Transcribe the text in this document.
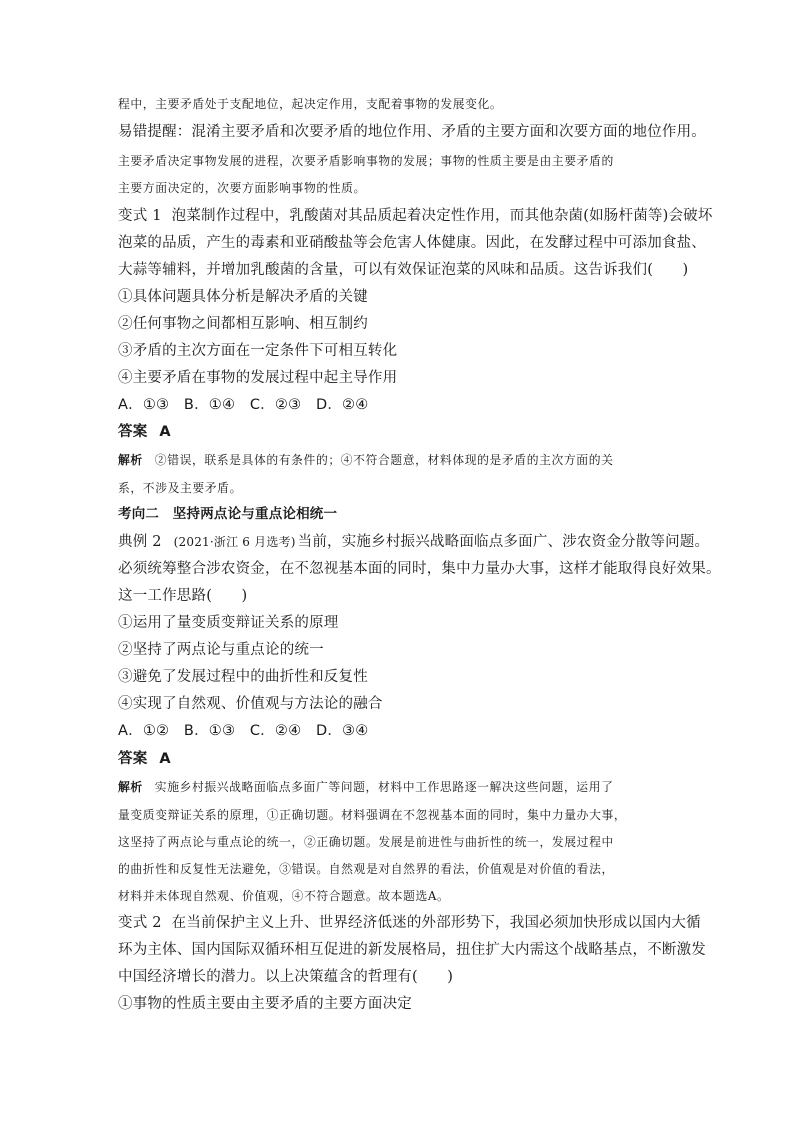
程中，主要矛盾处于支配地位，起决定作用，支配着事物的发展变化。
易错提醒：混淆主要矛盾和次要矛盾的地位作用、矛盾的主要方面和次要方面的地位作用。
主要矛盾决定事物发展的进程，次要矛盾影响事物的发展；事物的性质主要是由主要矛盾的
主要方面决定的，次要方面影响事物的性质。
变式 1 泡菜制作过程中，乳酸菌对其品质起着决定性作用，而其他杂菌(如肠杆菌等)会破坏
泡菜的品质，产生的毒素和亚硝酸盐等会危害人体健康。因此，在发酵过程中可添加食盐、
大蒜等辅料，并增加乳酸菌的含量，可以有效保证泡菜的风味和品质。这告诉我们(　　)
①具体问题具体分析是解决矛盾的关键
②任何事物之间都相互影响、相互制约
③矛盾的主次方面在一定条件下可相互转化
④主要矛盾在事物的发展过程中起主导作用
A．①③　B．①④　C．②③　D．②④
答案 A
解析 ②错误，联系是具体的有条件的；④不符合题意，材料体现的是矛盾的主次方面的关
系，不涉及主要矛盾。
考向二　坚持两点论与重点论相统一
典例 2 (2021·浙江 6 月选考) 当前，实施乡村振兴战略面临点多面广、涉农资金分散等问题。
必须统筹整合涉农资金，在不忽视基本面的同时，集中力量办大事，这样才能取得良好效果。
这一工作思路(　　)
①运用了量变质变辩证关系的原理
②坚持了两点论与重点论的统一
③避免了发展过程中的曲折性和反复性
④实现了自然观、价值观与方法论的融合
A．①②　B．①③　C．②④　D．③④
答案 A
解析 实施乡村振兴战略面临点多面广等问题，材料中工作思路逐一解决这些问题，运用了
量变质变辩证关系的原理，①正确切题。材料强调在不忽视基本面的同时，集中力量办大事，
这坚持了两点论与重点论的统一，②正确切题。发展是前进性与曲折性的统一，发展过程中
的曲折性和反复性无法避免，③错误。自然观是对自然界的看法，价值观是对价值的看法，
材料并未体现自然观、价值观，④不符合题意。故本题选A。
变式 2 在当前保护主义上升、世界经济低迷的外部形势下，我国必须加快形成以国内大循
环为主体、国内国际双循环相互促进的新发展格局，扭住扩大内需这个战略基点，不断激发
中国经济增长的潜力。以上决策蕴含的哲理有(　　)
①事物的性质主要由主要矛盾的主要方面决定
